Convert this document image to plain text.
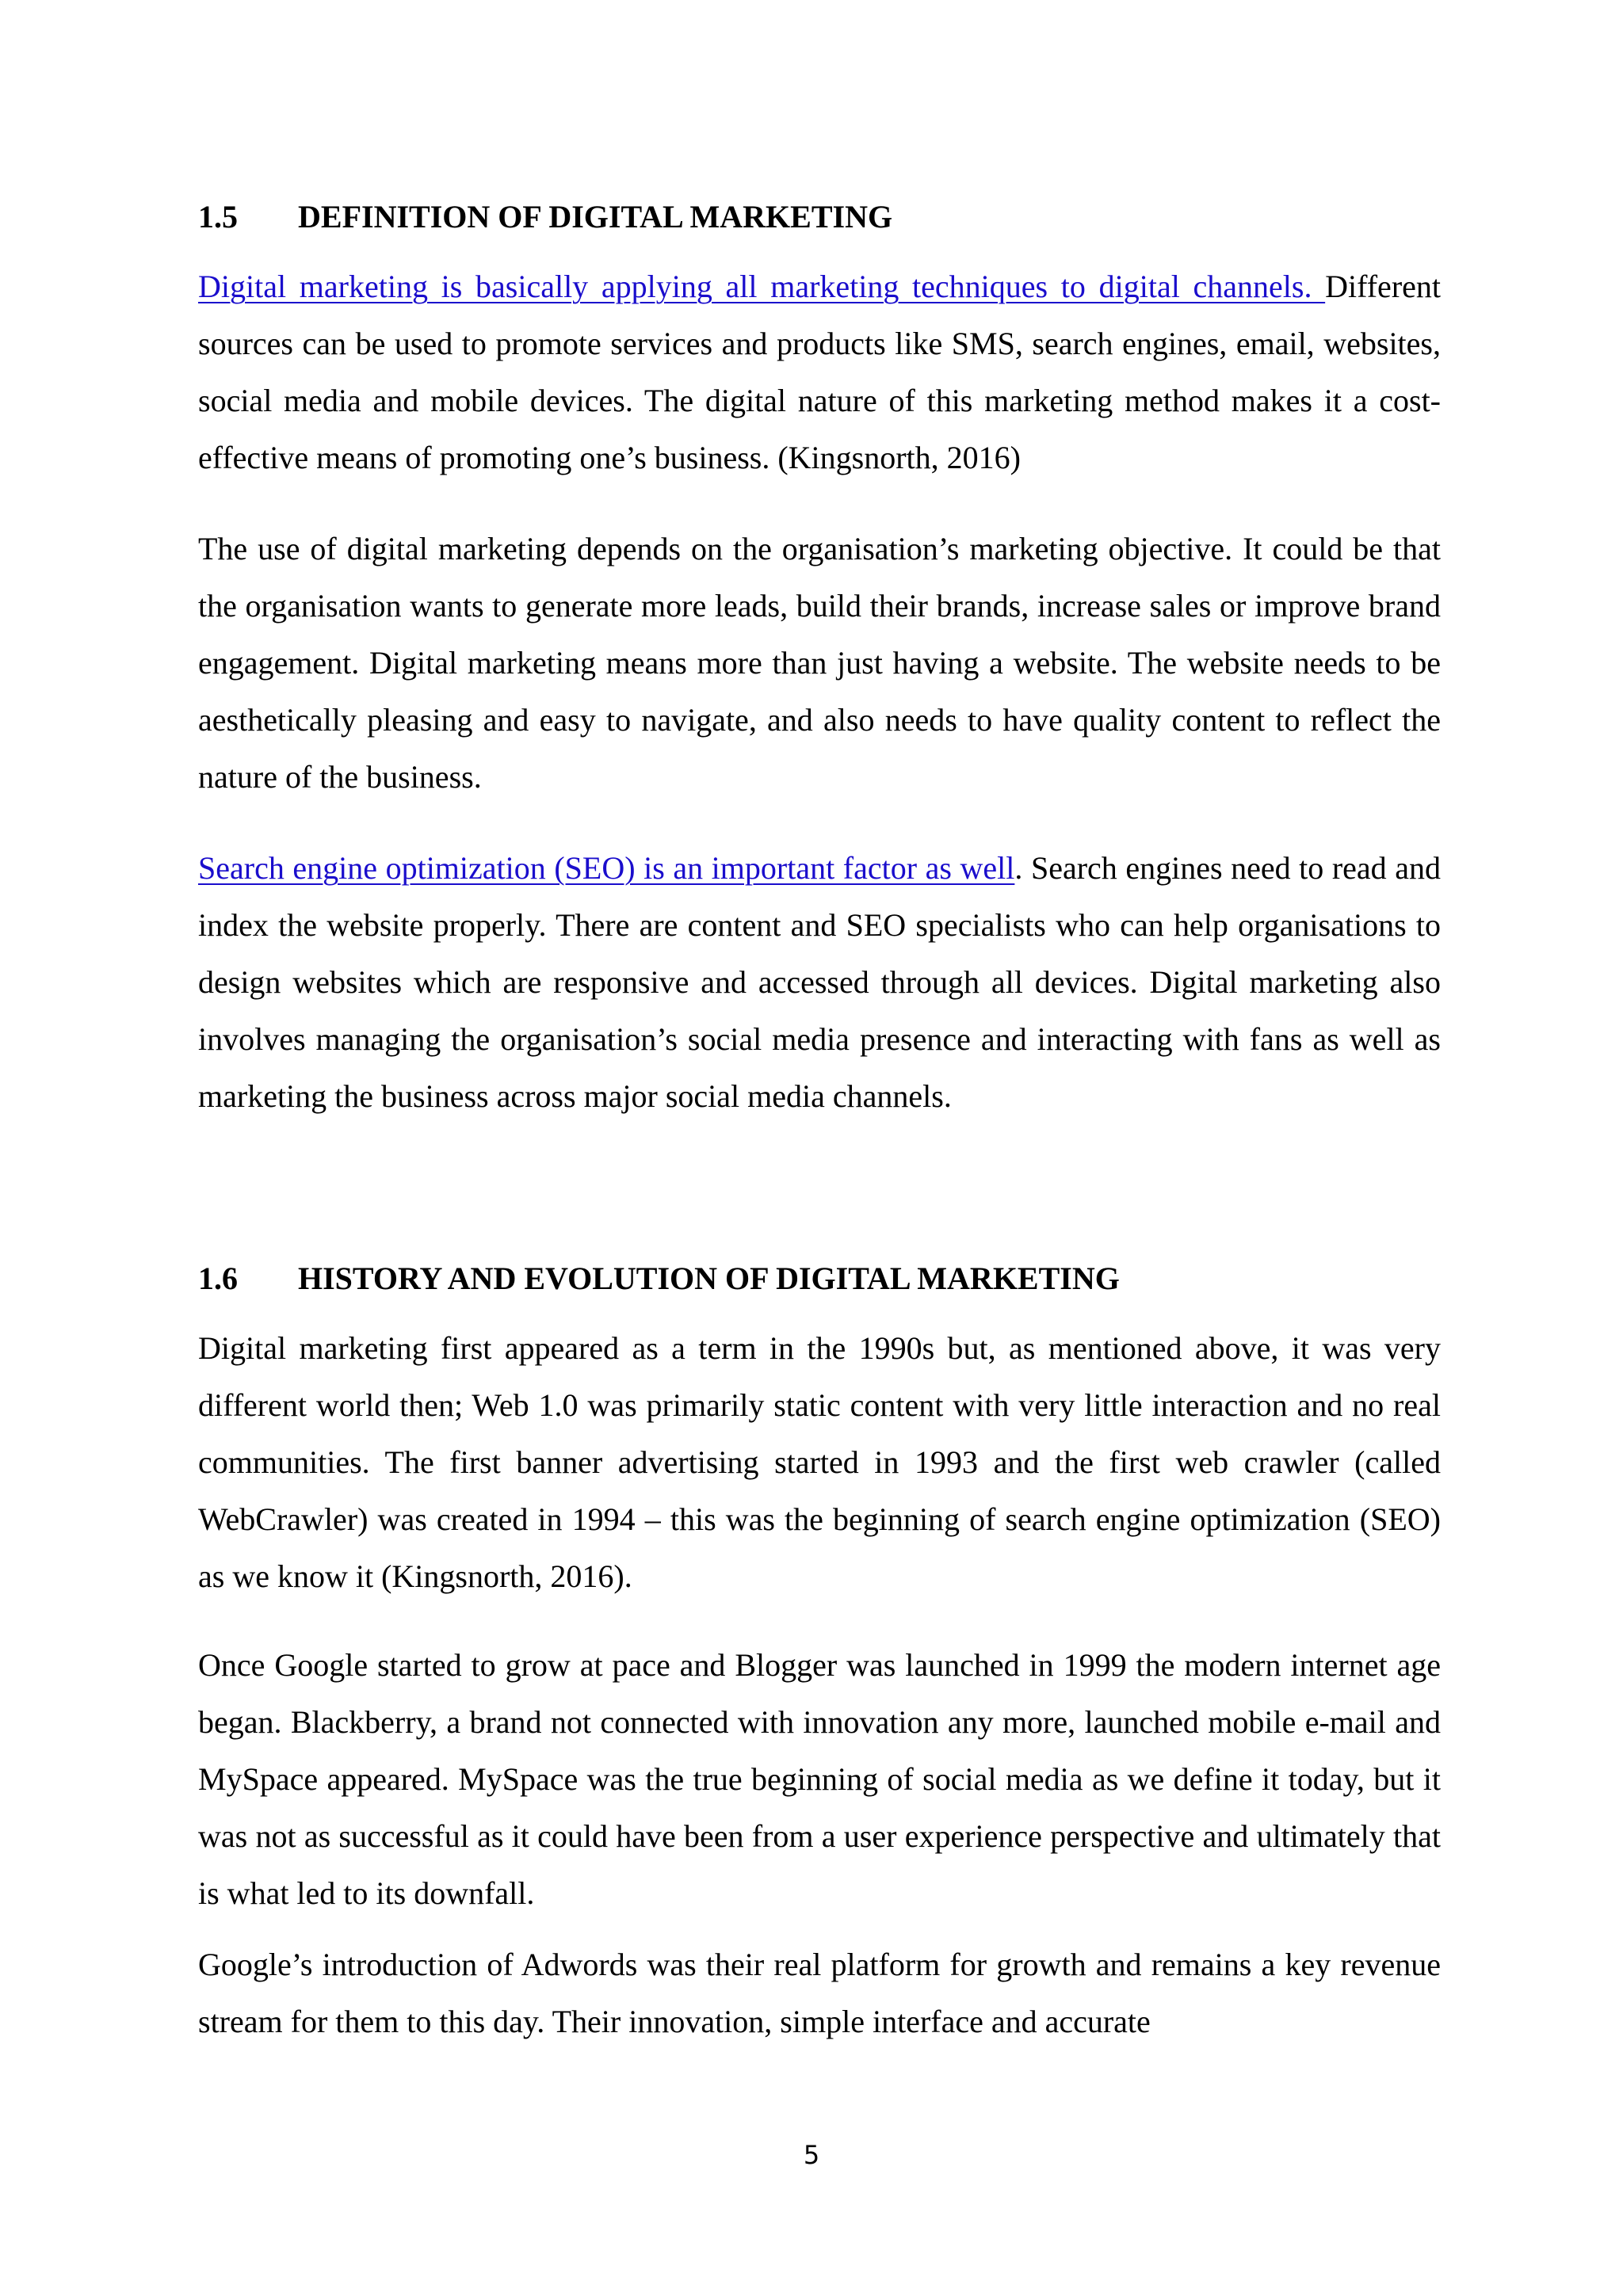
1.5 DEFINITION OF DIGITAL MARKETING

Digital marketing is basically applying all marketing techniques to digital channels. Different sources can be used to promote services and products like SMS, search engines, email, websites, social media and mobile devices. The digital nature of this marketing method makes it a cost-effective means of promoting one’s business. (Kingsnorth, 2016)

The use of digital marketing depends on the organisation’s marketing objective. It could be that the organisation wants to generate more leads, build their brands, increase sales or improve brand engagement. Digital marketing means more than just having a website. The website needs to be aesthetically pleasing and easy to navigate, and also needs to have quality content to reflect the nature of the business.

Search engine optimization (SEO) is an important factor as well. Search engines need to read and index the website properly. There are content and SEO specialists who can help organisations to design websites which are responsive and accessed through all devices. Digital marketing also involves managing the organisation’s social media presence and interacting with fans as well as marketing the business across major social media channels.

1.6 HISTORY AND EVOLUTION OF DIGITAL MARKETING

Digital marketing first appeared as a term in the 1990s but, as mentioned above, it was very different world then; Web 1.0 was primarily static content with very little interaction and no real communities. The first banner advertising started in 1993 and the first web crawler (called WebCrawler) was created in 1994 – this was the beginning of search engine optimization (SEO) as we know it (Kingsnorth, 2016).

Once Google started to grow at pace and Blogger was launched in 1999 the modern internet age began. Blackberry, a brand not connected with innovation any more, launched mobile e-mail and MySpace appeared. MySpace was the true beginning of social media as we define it today, but it was not as successful as it could have been from a user experience perspective and ultimately that is what led to its downfall.

Google’s introduction of Adwords was their real platform for growth and remains a key revenue stream for them to this day. Their innovation, simple interface and accurate

5
